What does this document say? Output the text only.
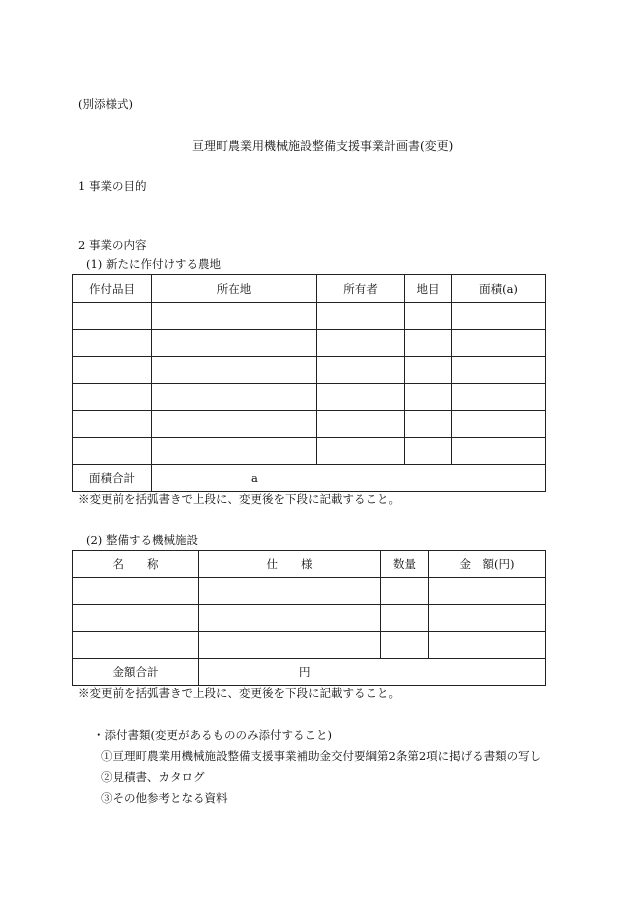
(別添様式)
亘理町農業用機械施設整備支援事業計画書(変更)
1 事業の目的
2 事業の内容
(1) 新たに作付けする農地
作付品目	所在地	所有者	地目	面積(a)

面積合計	a			
※変更前を括弧書きで上段に、変更後を下段に記載すること。
(2) 整備する機械施設
名　　称	仕　　様	数量	金　額(円)

金額合計	円		
※変更前を括弧書きで上段に、変更後を下段に記載すること。
・添付書類(変更があるもののみ添付すること)
①亘理町農業用機械施設整備支援事業補助金交付要綱第2条第2項に掲げる書類の写し
②見積書、カタログ
③その他参考となる資料
